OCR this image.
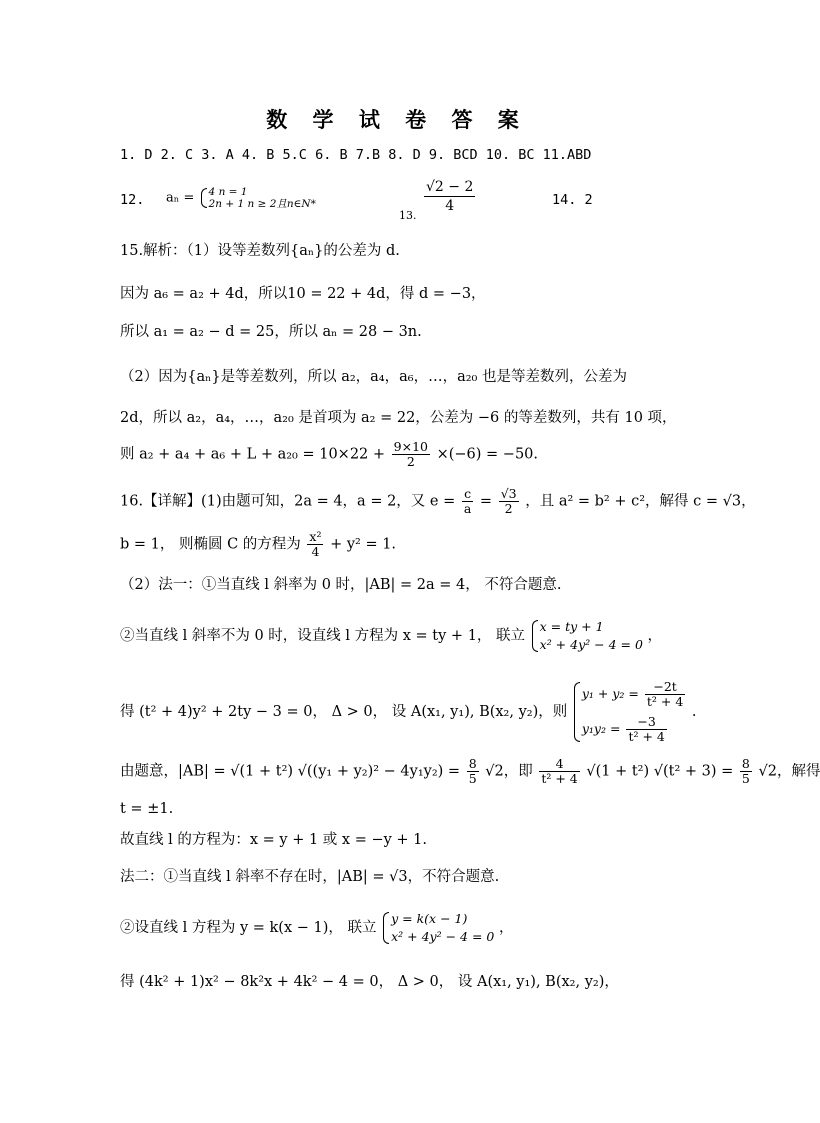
数 学 试 卷 答 案
1. D 2. C 3. A 4. B 5.C 6. B 7.B 8. D 9. BCD 10. BC 11.ABD
12. aₙ = 4 n = 1
2n + 1 n ≥ 2且n∈N*
13.
$\frac{√2 - 2}{4}$	14. 2
15.解析：（1）设等差数列{aₙ}的公差为 d.
因为 a₆ = a₂ + 4d，所以10 = 22 + 4d，得 d = −3，
所以 a₁ = a₂ − d = 25，所以 aₙ = 28 − 3n.
（2）因为{aₙ}是等差数列，所以 a₂，a₄，a₆，…，a₂₀ 也是等差数列，公差为
2d，所以 a₂，a₄，…，a₂₀ 是首项为 a₂ = 22，公差为 −6 的等差数列，共有 10 项，
则 $a_2 + a_4 + a_6 + L + a_{20} = 10\times 22 + \frac{9\times 10}{2} \times(-6) = -50$.
16.【详解】(1)由题可知，2a = 4，a = 2，又 $e = \frac{c}{a} = \frac{√3}{2}$ ，且 a² = b² + c²，解得 c = √3，
b = 1， 则椭圆 C 的方程为 $\frac{\text{x²}}{4} + y^2 = 1$.
（2）法一：①当直线 l 斜率为 0 时，|AB| = 2a = 4， 不符合题意.
②当直线 l 斜率不为 0 时，设直线 l 方程为 x = ty + 1， 联立
x = ty + 1
x² + 4y² − 4 = 0
，
得 (t² + 4)y² + 2ty − 3 = 0， Δ > 0， 设 A(x₁, y₁), B(x₂, y₂)，则
$y_1 + y_2 = \frac{-2t}{\text{t² + 4}}$
$y_1y_2 = \frac{-3}{\text{t² + 4}}$
.
由题意，|AB| = √(1 + t²) $√((y_1 + y_2)^2 - 4y_1y_2) = \frac{8}{5} √2$，即 $\frac{4}{\text{t² + 4}} √(1 + t^2) √(t^2 + 3) = \frac{8}{5} √2$，解得
t = ±1.
故直线 l 的方程为：x = y + 1 或 x = −y + 1.
法二：①当直线 l 斜率不存在时，|AB| = √3，不符合题意.
②设直线 l 方程为 y = k(x − 1)， 联立
y = k(x − 1)
x² + 4y² − 4 = 0
，
得 (4k² + 1)x² − 8k²x + 4k² − 4 = 0， Δ > 0， 设 A(x₁, y₁), B(x₂, y₂)，
